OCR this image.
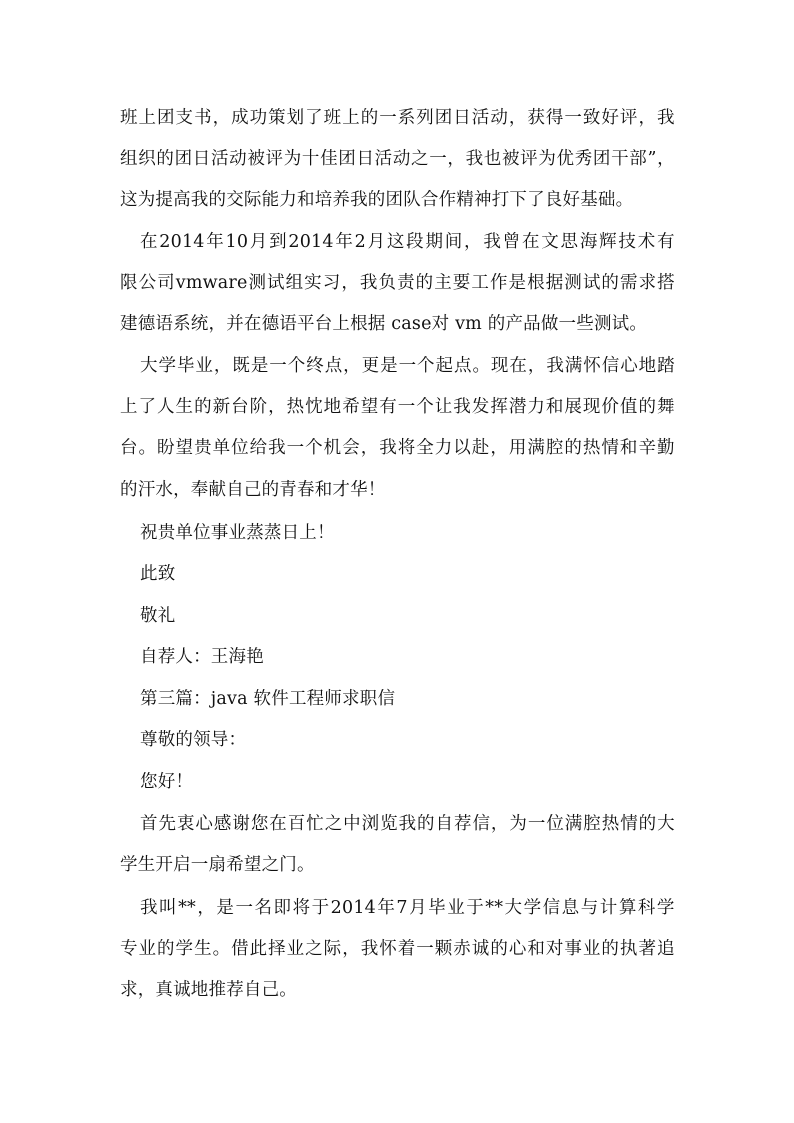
班 上 团 支 书 ， 成 功 策 划 了 班 上 的 一 系 列 团 日 活 动 ， 获 得 一 致 好 评 ， 我
组 织 的 团 日 活 动 被 评 为 十 佳 团 日 活 动 之 一 ， 我 也 被 评 为 优 秀 团 干 部 ” ，
这为提高我的交际能力和培养我的团队合作精神打下了良好基础。
在 2014 年 10 月 到 2014 年 2 月 这 段 期 间 ， 我 曾 在 文 思 海 辉 技 术 有
限 公 司 vmware 测 试 组 实 习 ， 我 负 责 的 主 要 工 作 是 根 据 测 试 的 需 求 搭
建德语系统，并在德语平台上根据 case对 vm 的产品做一些测试。
大 学 毕 业 ， 既 是 一 个 终 点 ， 更 是 一 个 起 点 。 现 在 ， 我 满 怀 信 心 地 踏
上 了 人 生 的 新 台 阶 ， 热 忱 地 希 望 有 一 个 让 我 发 挥 潜 力 和 展 现 价 值 的 舞
台 。 盼 望 贵 单 位 给 我 一 个 机 会 ， 我 将 全 力 以 赴 ， 用 满 腔 的 热 情 和 辛 勤
的汗水，奉献自己的青春和才华！
祝贵单位事业蒸蒸日上！
此致
敬礼
自荐人：王海艳
第三篇：java 软件工程师求职信
尊敬的领导：
您好！
首 先 衷 心 感 谢 您 在 百 忙 之 中 浏 览 我 的 自 荐 信 ， 为 一 位 满 腔 热 情 的 大
学生开启一扇希望之门。
我 叫 ** ， 是 一 名 即 将 于 2014 年 7 月 毕 业 于 ** 大 学 信 息 与 计 算 科 学
专 业 的 学 生 。 借 此 择 业 之 际 ， 我 怀 着 一 颗 赤 诚 的 心 和 对 事 业 的 执 著 追
求，真诚地推荐自己。
